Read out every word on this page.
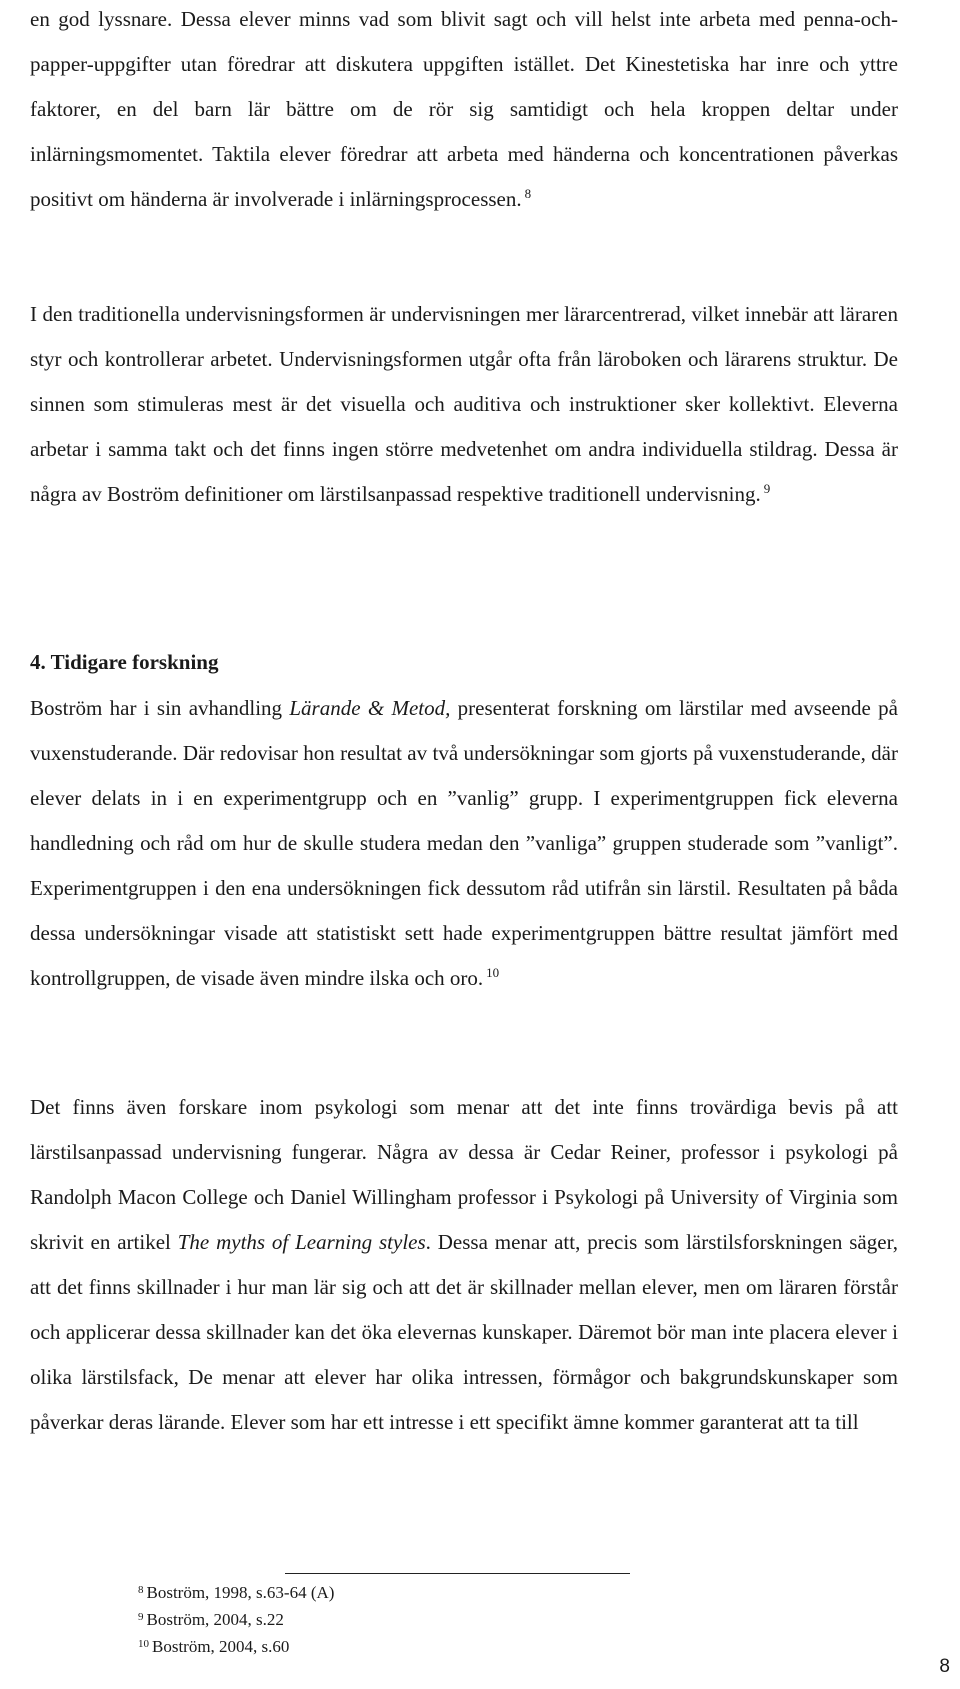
en god lyssnare. Dessa elever minns vad som blivit sagt och vill helst inte arbeta med penna-och-papper-uppgifter utan föredrar att diskutera uppgiften istället. Det Kinestetiska har inre och yttre faktorer, en del barn lär bättre om de rör sig samtidigt och hela kroppen deltar under inlärningsmomentet. Taktila elever föredrar att arbeta med händerna och koncentrationen påverkas positivt om händerna är involverade i inlärningsprocessen. $^8$

I den traditionella undervisningsformen är undervisningen mer lärarcentrerad, vilket innebär att läraren styr och kontrollerar arbetet. Undervisningsformen utgår ofta från läroboken och lärarens struktur. De sinnen som stimuleras mest är det visuella och auditiva och instruktioner sker kollektivt. Eleverna arbetar i samma takt och det finns ingen större medvetenhet om andra individuella stildrag. Dessa är några av Boström definitioner om lärstilsanpassad respektive traditionell undervisning. $^9$

4. Tidigare forskning

Boström har i sin avhandling Lärande & Metod, presenterat forskning om lärstilar med avseende på vuxenstuderande. Där redovisar hon resultat av två undersökningar som gjorts på vuxenstuderande, där elever delats in i en experimentgrupp och en ”vanlig” grupp. I experimentgruppen fick eleverna handledning och råd om hur de skulle studera medan den ”vanliga” gruppen studerade som ”vanligt”. Experimentgruppen i den ena undersökningen fick dessutom råd utifrån sin lärstil. Resultaten på båda dessa undersökningar visade att statistiskt sett hade experimentgruppen bättre resultat jämfört med kontrollgruppen, de visade även mindre ilska och oro. $^{10}$

Det finns även forskare inom psykologi som menar att det inte finns trovärdiga bevis på att lärstilsanpassad undervisning fungerar. Några av dessa är Cedar Reiner, professor i psykologi på Randolph Macon College och Daniel Willingham professor i Psykologi på University of Virginia som skrivit en artikel The myths of Learning styles. Dessa menar att, precis som lärstilsforskningen säger, att det finns skillnader i hur man lär sig och att det är skillnader mellan elever, men om läraren förstår och applicerar dessa skillnader kan det öka elevernas kunskaper. Däremot bör man inte placera elever i olika lärstilsfack, De menar att elever har olika intressen, förmågor och bakgrundskunskaper som påverkar deras lärande. Elever som har ett intresse i ett specifikt ämne kommer garanterat att ta till

$^8$ Boström, 1998, s.63-64 (A)

$^9$ Boström, 2004, s.22

$^{10}$ Boström, 2004, s.60

8
